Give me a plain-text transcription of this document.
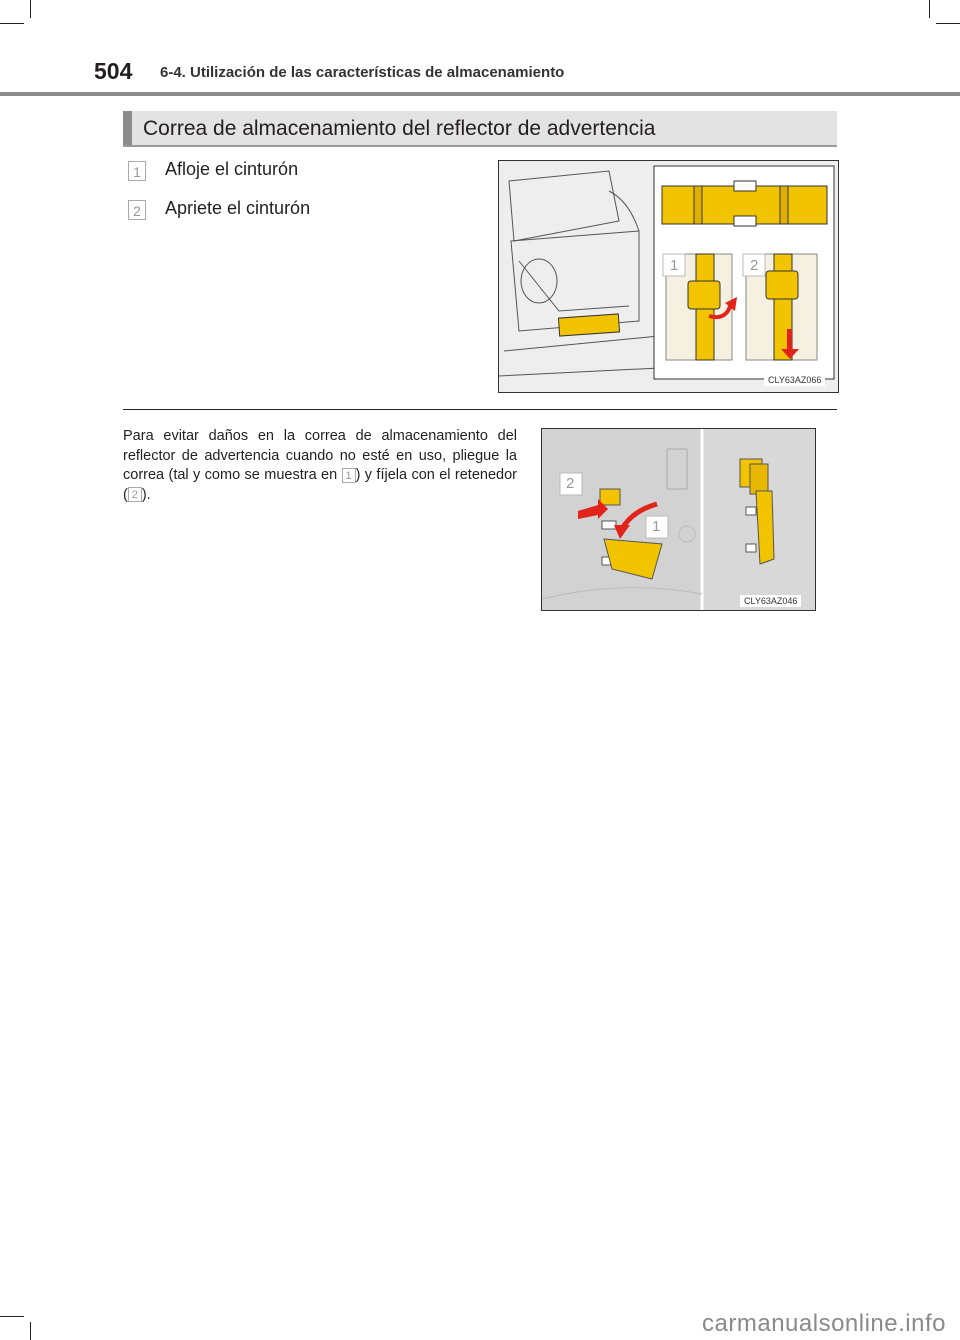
504 6-4. Utilización de las características de almacenamiento
Correa de almacenamiento del reflector de advertencia
1 Afloje el cinturón
2 Apriete el cinturón
1	2
CLY63AZ066
Para evitar daños en la correa de almacenamiento del reflector de advertencia cuando no esté en uso, pliegue la correa (tal y como se muestra en 1 ) y fíjela con el retenedor ( 2 ).
2
1
CLY63AZ046
carmanualsonline.info
